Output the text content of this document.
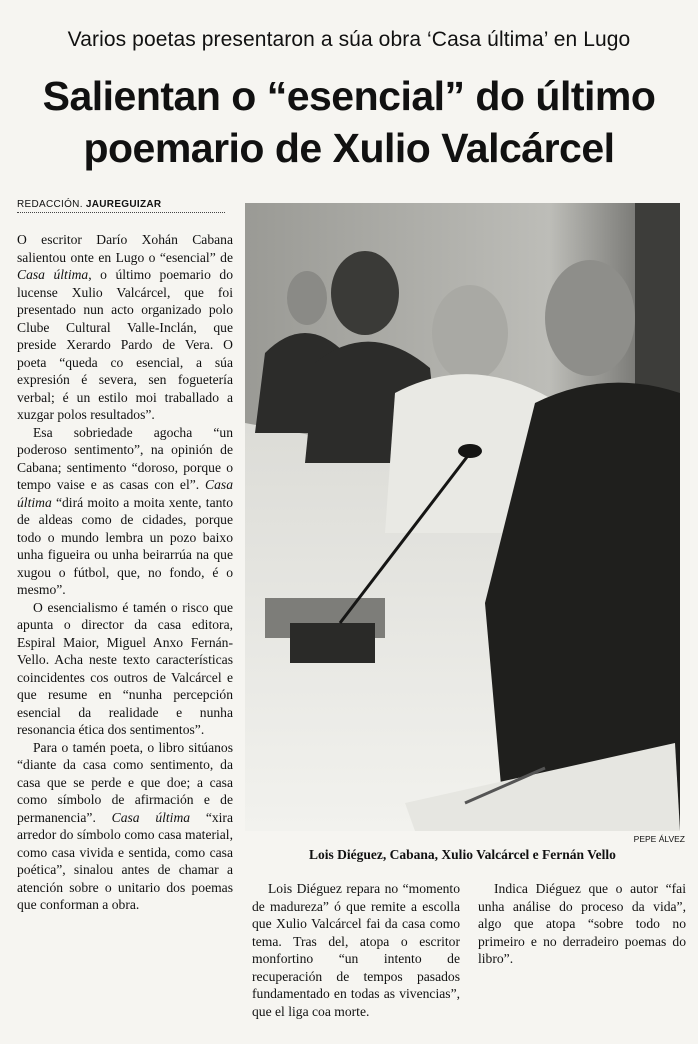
Varios poetas presentaron a súa obra ‘Casa última’ en Lugo
Salientan o “esencial” do último
poemario de Xulio Valcárcel
REDACCIÓN. JAUREGUIZAR

O escritor Darío Xohán Cabana salientou onte en Lugo o “esencial” de Casa última, o último poemario do lucense Xulio Valcárcel, que foi presentado nun acto organizado polo Clube Cultural Valle-Inclán, que preside Xerardo Pardo de Vera. O poeta “queda co esencial, a súa expresión é severa, sen foguetería verbal; é un estilo moi traballado a xuzgar polos resultados”.

Esa sobriedade agocha “un poderoso sentimento”, na opinión de Cabana; sentimento “doroso, porque o tempo vaise e as casas con el”. Casa última “dirá moito a moita xente, tanto de aldeas como de cidades, porque todo o mundo lembra un pozo baixo unha figueira ou unha beirarrúa na que xugou o fútbol, que, no fondo, é o mesmo”.

O esencialismo é tamén o risco que apunta o director da casa editora, Espiral Maior, Miguel Anxo Fernán-Vello. Acha neste texto características coincidentes cos outros de Valcárcel e que resume en “nunha percepción esencial da realidade e nunha resonancia ética dos sentimentos”.

Para o tamén poeta, o libro sitúanos “diante da casa como sentimento, da casa que se perde e que doe; a casa como símbolo de afirmación e de permanencia”. Casa última “xira arredor do símbolo como casa material, como casa vivida e sentida, como casa poética”, sinalou antes de chamar a atención sobre o unitario dos poemas que conforman a obra.

PEPE ÁLVEZ
Lois Diéguez, Cabana, Xulio Valcárcel e Fernán Vello

Lois Diéguez repara no “momento de madureza” ó que remite a escolla que Xulio Valcárcel fai da casa como tema. Tras del, atopa o escritor monfortino “un intento de recuperación de tempos pasados fundamentado en todas as vivencias”, que el liga coa morte.

Indica Diéguez que o autor “fai unha análise do proceso da vida”, algo que atopa “sobre todo no primeiro e no derradeiro poemas do libro”.
